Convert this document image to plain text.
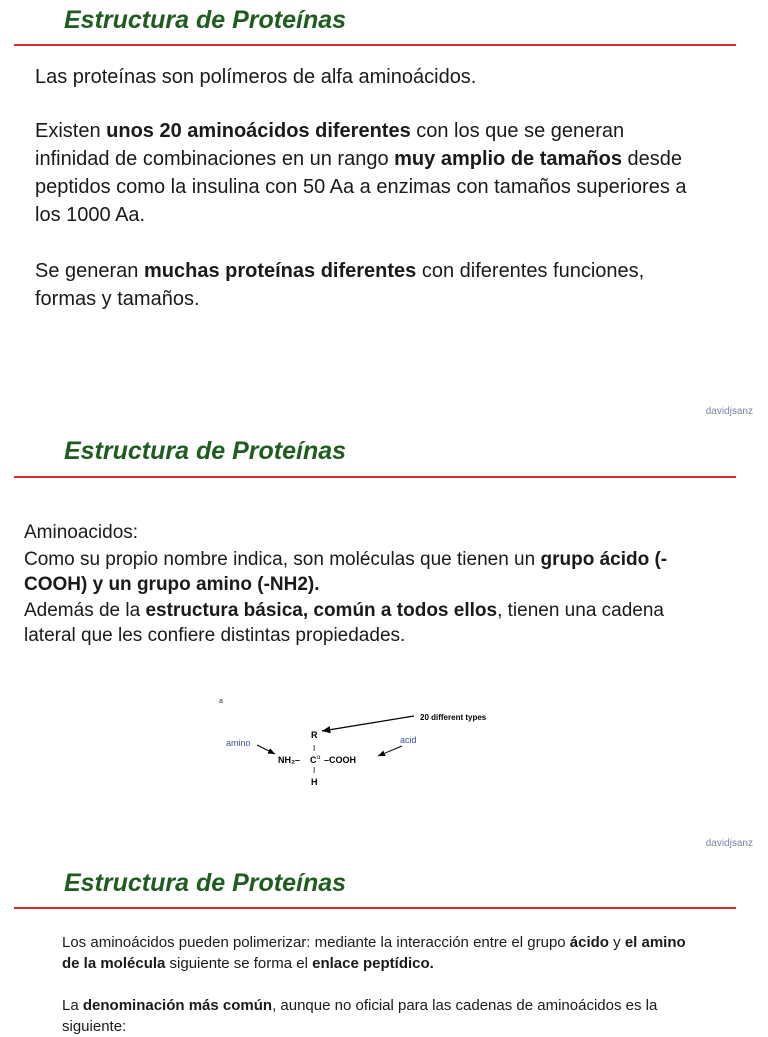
Estructura de Proteínas

Las proteínas son polímeros de alfa aminoácidos.

Existen unos 20 aminoácidos diferentes con los que se generan infinidad de combinaciones en un rango muy amplio de tamaños desde peptidos como la insulina con 50 Aa a enzimas con tamaños superiores a los 1000 Aa.

Se generan muchas proteínas diferentes con diferentes funciones, formas y tamaños.

davidjsanz
Estructura de Proteínas

Aminoacidos:

Como su propio nombre indica, son moléculas que tienen un grupo ácido (-COOH) y un grupo amino (-NH2).

Además de la estructura básica, común a todos ellos, tienen una cadena lateral que les confiere distintas propiedades.

a
20 different types
R
I
amino	acid
NH₂– C α –COOH
I
H
davidjsanz
Estructura de Proteínas

Los aminoácidos pueden polimerizar: mediante la interacción entre el grupo ácido y el amino de la molécula siguiente se forma el enlace peptídico.

La denominación más común, aunque no oficial para las cadenas de aminoácidos es la siguiente:
